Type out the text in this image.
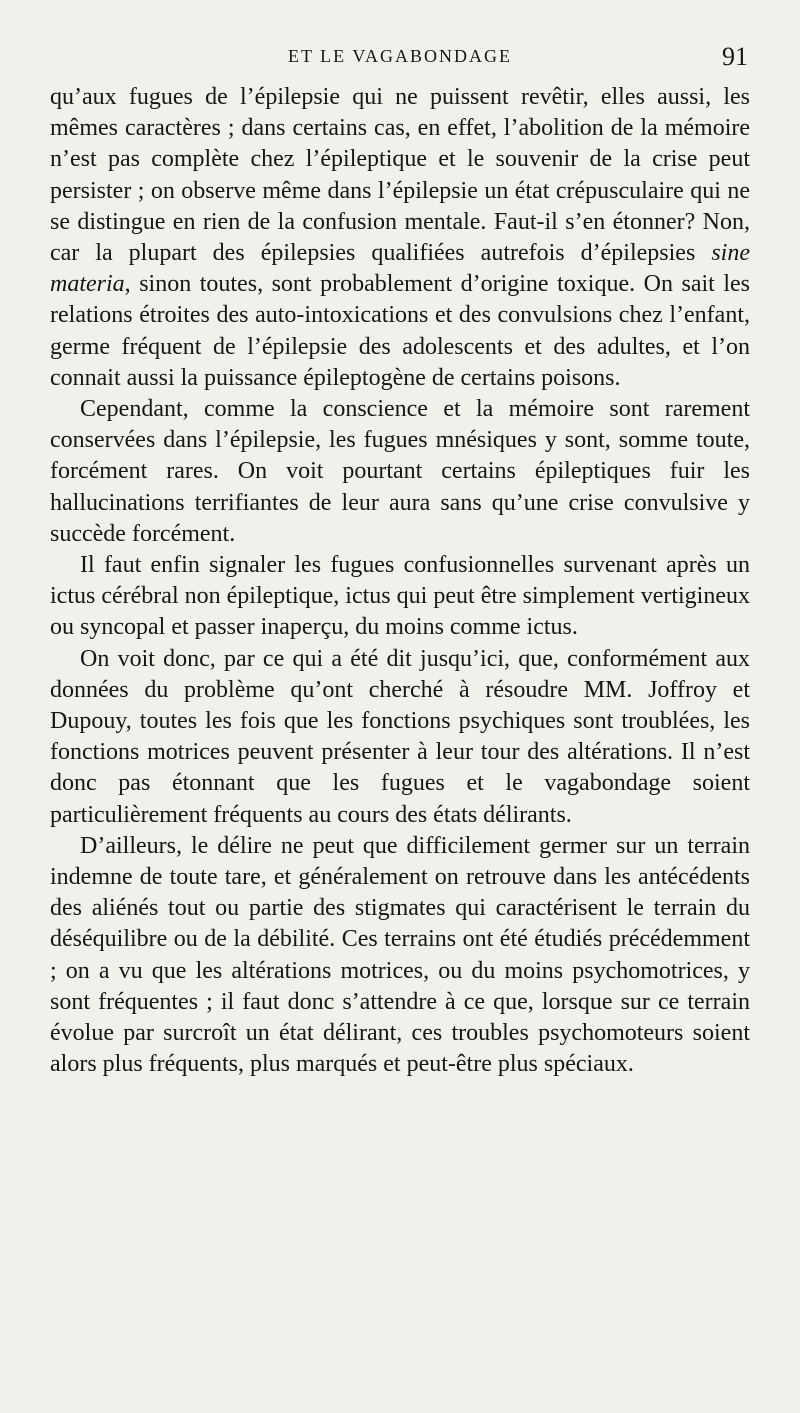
ET LE VAGABONDAGE	91

qu’aux fugues de l’épilepsie qui ne puissent revêtir, elles aussi, les mêmes caractères ; dans certains cas, en effet, l’abolition de la mémoire n’est pas complète chez l’épileptique et le souvenir de la crise peut persister ; on observe même dans l’épilepsie un état crépusculaire qui ne se distingue en rien de la confusion mentale. Faut-il s’en étonner? Non, car la plupart des épilepsies qualifiées autrefois d’épilepsies sine materia, sinon toutes, sont probablement d’origine toxique. On sait les relations étroites des auto-intoxications et des convulsions chez l’enfant, germe fréquent de l’épilepsie des adolescents et des adultes, et l’on connait aussi la puissance épileptogène de certains poisons.

Cependant, comme la conscience et la mémoire sont rarement conservées dans l’épilepsie, les fugues mnésiques y sont, somme toute, forcément rares. On voit pourtant certains épileptiques fuir les hallucinations terrifiantes de leur aura sans qu’une crise convulsive y succède forcément.

Il faut enfin signaler les fugues confusionnelles survenant après un ictus cérébral non épileptique, ictus qui peut être simplement vertigineux ou syncopal et passer inaperçu, du moins comme ictus.

On voit donc, par ce qui a été dit jusqu’ici, que, conformément aux données du problème qu’ont cherché à résoudre MM. Joffroy et Dupouy, toutes les fois que les fonctions psychiques sont troublées, les fonctions motrices peuvent présenter à leur tour des altérations. Il n’est donc pas étonnant que les fugues et le vagabondage soient particulièrement fréquents au cours des états délirants.

D’ailleurs, le délire ne peut que difficilement germer sur un terrain indemne de toute tare, et généralement on retrouve dans les antécédents des aliénés tout ou partie des stigmates qui caractérisent le terrain du déséquilibre ou de la débilité. Ces terrains ont été étudiés précédemment ; on a vu que les altérations motrices, ou du moins psychomotrices, y sont fréquentes ; il faut donc s’attendre à ce que, lorsque sur ce terrain évolue par surcroît un état délirant, ces troubles psychomoteurs soient alors plus fréquents, plus marqués et peut-être plus spéciaux.
